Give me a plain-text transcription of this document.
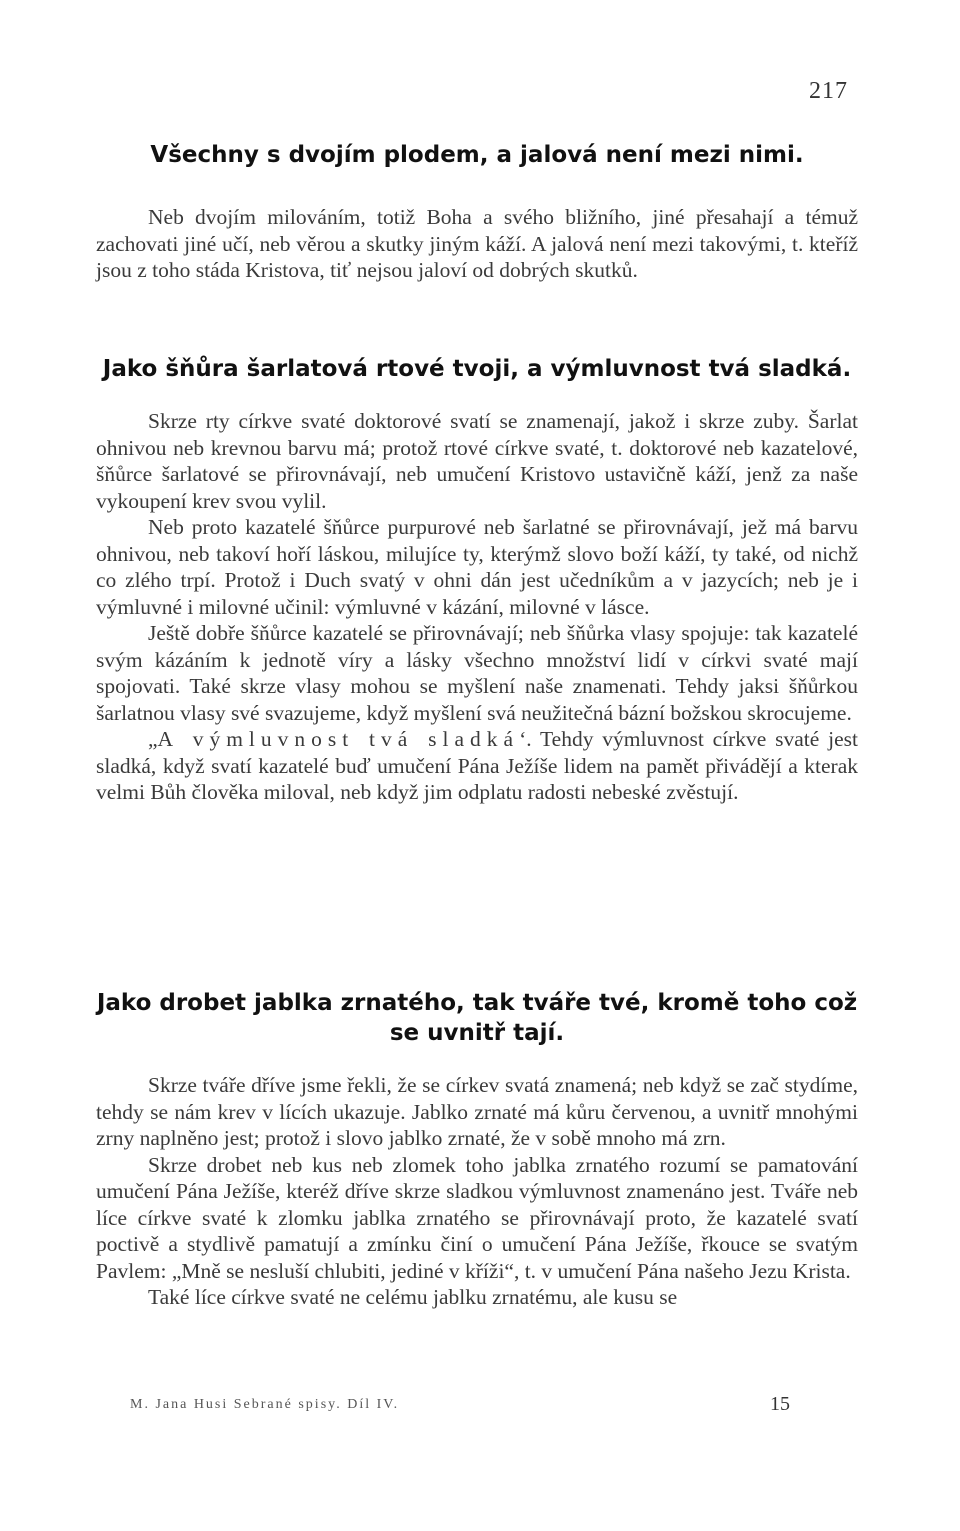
217
Všechny s dvojím plodem, a jalová není mezi nimi.

Neb dvojím milováním, totiž Boha a svého bližního, jiné přesahají a témuž zachovati jiné učí, neb věrou a skutky jiným káží. A jalová není mezi takovými, t. kteříž jsou z toho stáda Kristova, tiť nejsou jaloví od dobrých skutků.

Jako šňůra šarlatová rtové tvoji, a výmluvnost tvá sladká.

Skrze rty církve svaté doktorové svatí se znamenají, jakož i skrze zuby. Šarlat ohnivou neb krevnou barvu má; protož rtové církve svaté, t. doktorové neb kazatelové, šňůrce šarlatové se přirovnávají, neb umučení Kristovo ustavičně káží, jenž za naše vykoupení krev svou vylil.

Neb proto kazatelé šňůrce purpurové neb šarlatné se přirovnávají, jež má barvu ohnivou, neb takoví hoří láskou, milujíce ty, kterýmž slovo boží káží, ty také, od nichž co zlého trpí. Protož i Duch svatý v ohni dán jest učedníkům a v jazycích; neb je i výmluvné i milovné učinil: výmluvné v kázání, milovné v lásce.

Ještě dobře šňůrce kazatelé se přirovnávají; neb šňůrka vlasy spojuje: tak kazatelé svým kázáním k jednotě víry a lásky všechno množství lidí v církvi svaté mají spojovati. Také skrze vlasy mohou se myšlení naše znamenati. Tehdy jaksi šňůrkou šarlatnou vlasy své svazujeme, když myšlení svá neužitečná bázní božskou skrocujeme.

„A výmluvnost tvá sladká‘. Tehdy výmluvnost církve svaté jest sladká, když svatí kazatelé buď umučení Pána Ježíše lidem na pamět přivádějí a kterak velmi Bůh člověka miloval, neb když jim odplatu radosti nebeské zvěstují.

Jako drobet jablka zrnatého, tak tváře tvé, kromě toho což se uvnitř tají.

Skrze tváře dříve jsme řekli, že se církev svatá znamená; neb když se zač stydíme, tehdy se nám krev v lících ukazuje. Jablko zrnaté má kůru červenou, a uvnitř mnohými zrny naplněno jest; protož i slovo jablko zrnaté, že v sobě mnoho má zrn.

Skrze drobet neb kus neb zlomek toho jablka zrnatého rozumí se pamatování umučení Pána Ježíše, kteréž dříve skrze sladkou výmluvnost znamenáno jest. Tváře neb líce církve svaté k zlomku jablka zrnatého se přirovnávají proto, že kazatelé svatí poctivě a stydlivě pamatují a zmínku činí o umučení Pána Ježíše, řkouce se svatým Pavlem: „Mně se nesluší chlubiti, jediné v kříži“, t. v umučení Pána našeho Jezu Krista.

Také líce církve svaté ne celému jablku zrnatému, ale kusu se

M. Jana Husi Sebrané spisy. Díl IV.	15
